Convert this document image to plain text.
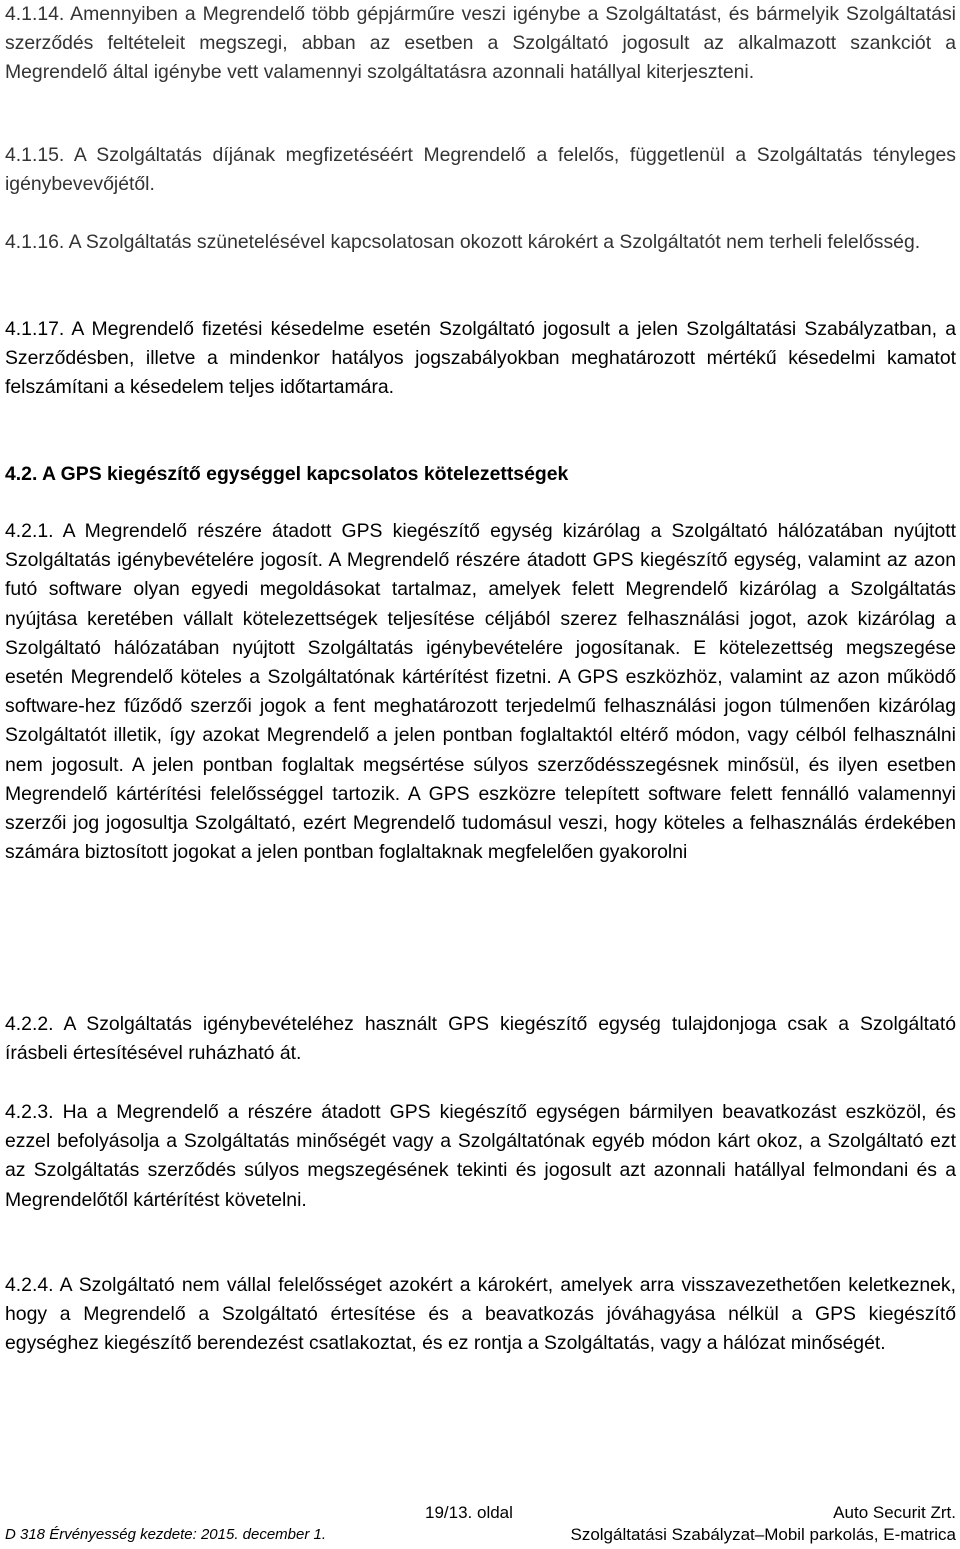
4.1.14. Amennyiben a Megrendelő több gépjárműre veszi igénybe a Szolgáltatást, és bármelyik Szolgáltatási szerződés feltételeit megszegi, abban az esetben a Szolgáltató jogosult az alkalmazott szankciót a Megrendelő által igénybe vett valamennyi szolgáltatásra azonnali hatállyal kiterjeszteni.

4.1.15. A Szolgáltatás díjának megfizetéséért Megrendelő a felelős, függetlenül a Szolgáltatás tényleges igénybevevőjétől.

4.1.16. A Szolgáltatás szünetelésével kapcsolatosan okozott károkért a Szolgáltatót nem terheli felelősség.

4.1.17. A Megrendelő fizetési késedelme esetén Szolgáltató jogosult a jelen Szolgáltatási Szabályzatban, a Szerződésben, illetve a mindenkor hatályos jogszabályokban meghatározott mértékű késedelmi kamatot felszámítani a késedelem teljes időtartamára.

4.2. A GPS kiegészítő egységgel kapcsolatos kötelezettségek

4.2.1. A Megrendelő részére átadott GPS kiegészítő egység kizárólag a Szolgáltató hálózatában nyújtott Szolgáltatás igénybevételére jogosít. A Megrendelő részére átadott GPS kiegészítő egység, valamint az azon futó software olyan egyedi megoldásokat tartalmaz, amelyek felett Megrendelő kizárólag a Szolgáltatás nyújtása keretében vállalt kötelezettségek teljesítése céljából szerez felhasználási jogot, azok kizárólag a Szolgáltató hálózatában nyújtott Szolgáltatás igénybevételére jogosítanak. E kötelezettség megszegése esetén Megrendelő köteles a Szolgáltatónak kártérítést fizetni. A GPS eszközhöz, valamint az azon működő software-hez fűződő szerzői jogok a fent meghatározott terjedelmű felhasználási jogon túlmenően kizárólag Szolgáltatót illetik, így azokat Megrendelő a jelen pontban foglaltaktól eltérő módon, vagy célból felhasználni nem jogosult. A jelen pontban foglaltak megsértése súlyos szerződésszegésnek minősül, és ilyen esetben Megrendelő kártérítési felelősséggel tartozik. A GPS eszközre telepített software felett fennálló valamennyi szerzői jog jogosultja Szolgáltató, ezért Megrendelő tudomásul veszi, hogy köteles a felhasználás érdekében számára biztosított jogokat a jelen pontban foglaltaknak megfelelően gyakorolni

4.2.2. A Szolgáltatás igénybevételéhez használt GPS kiegészítő egység tulajdonjoga csak a Szolgáltató írásbeli értesítésével ruházható át.

4.2.3. Ha a Megrendelő a részére átadott GPS kiegészítő egységen bármilyen beavatkozást eszközöl, és ezzel befolyásolja a Szolgáltatás minőségét vagy a Szolgáltatónak egyéb módon kárt okoz, a Szolgáltató ezt az Szolgáltatás szerződés súlyos megszegésének tekinti és jogosult azt azonnali hatállyal felmondani és a Megrendelőtől kártérítést követelni.

4.2.4. A Szolgáltató nem vállal felelősséget azokért a károkért, amelyek arra visszavezethetően keletkeznek, hogy a Megrendelő a Szolgáltató értesítése és a beavatkozás jóváhagyása nélkül a GPS kiegészítő egységhez kiegészítő berendezést csatlakoztat, és ez rontja a Szolgáltatás, vagy a hálózat minőségét.

19/13. oldal	Auto Securit Zrt.
D 318 Érvényesség kezdete: 2015. december 1.	Szolgáltatási Szabályzat–Mobil parkolás, E-matrica
